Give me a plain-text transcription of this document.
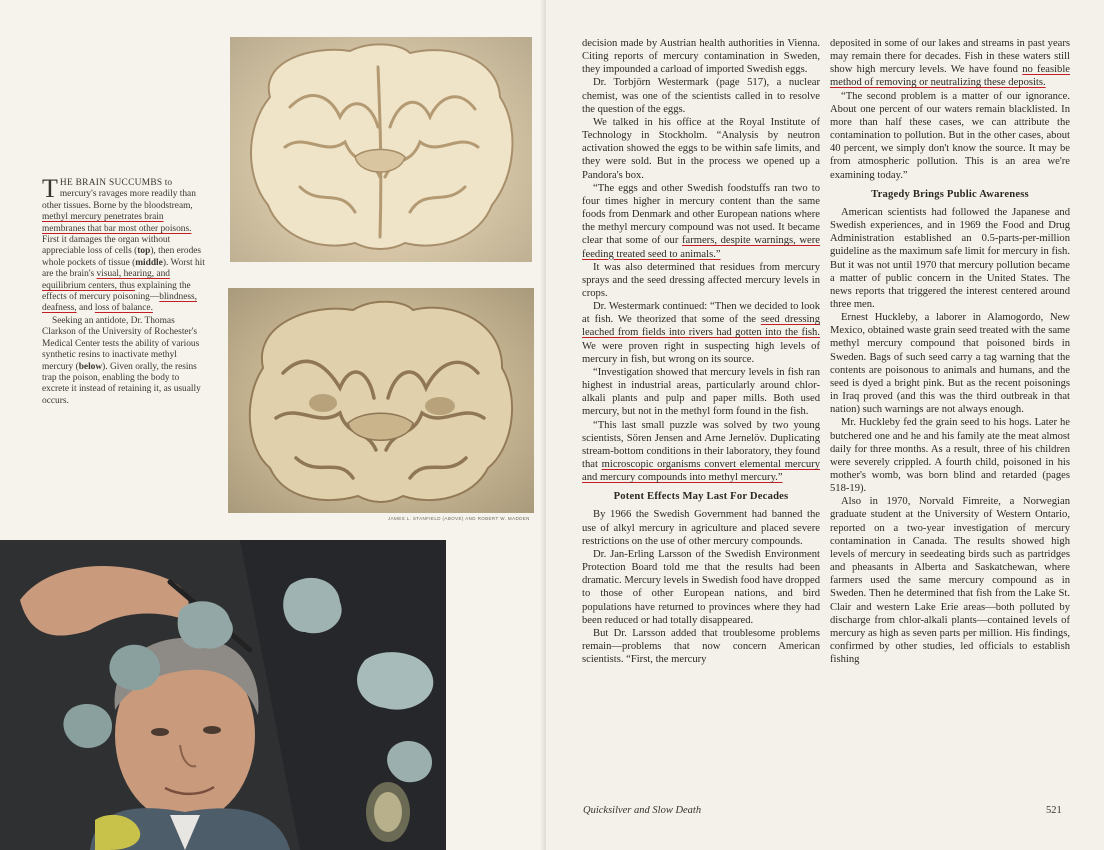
JAMES L. STANFIELD (ABOVE) AND ROBERT W. MADDEN

THE BRAIN SUCCUMBS to mercury's ravages more readily than other tissues. Borne by the bloodstream, methyl mercury penetrates brain membranes that bar most other poisons. First it damages the organ without appreciable loss of cells (top), then erodes whole pockets of tissue (middle). Worst hit are the brain's visual, hearing, and equilibrium centers, thus explaining the effects of mercury poisoning—blindness, deafness, and loss of balance.

Seeking an antidote, Dr. Thomas Clarkson of the University of Rochester's Medical Center tests the ability of various synthetic resins to inactivate methyl mercury (below). Given orally, the resins trap the poison, enabling the body to excrete it instead of retaining it, as usually occurs.

decision made by Austrian health authorities in Vienna. Citing reports of mercury contamination in Sweden, they impounded a carload of imported Swedish eggs.

Dr. Torbjörn Westermark (page 517), a nuclear chemist, was one of the scientists called in to resolve the question of the eggs.

We talked in his office at the Royal Institute of Technology in Stockholm. “Analysis by neutron activation showed the eggs to be within safe limits, and they were sold. But in the process we opened up a Pandora's box.

“The eggs and other Swedish foodstuffs ran two to four times higher in mercury content than the same foods from Denmark and other European nations where the methyl mercury compound was not used. It became clear that some of our farmers, despite warnings, were feeding treated seed to animals.”

It was also determined that residues from mercury sprays and the seed dressing affected mercury levels in crops.

Dr. Westermark continued: “Then we decided to look at fish. We theorized that some of the seed dressing leached from fields into rivers had gotten into the fish. We were proven right in suspecting high levels of mercury in fish, but wrong on its source.

“Investigation showed that mercury levels in fish ran highest in industrial areas, particularly around chlor-alkali plants and pulp and paper mills. Both used mercury, but not in the methyl form found in the fish.

“This last small puzzle was solved by two young scientists, Sören Jensen and Arne Jernelöv. Duplicating stream-bottom conditions in their laboratory, they found that microscopic organisms convert elemental mercury and mercury compounds into methyl mercury.”

Potent Effects May Last For Decades

By 1966 the Swedish Government had banned the use of alkyl mercury in agriculture and placed severe restrictions on the use of other mercury compounds.

Dr. Jan-Erling Larsson of the Swedish Environment Protection Board told me that the results had been dramatic. Mercury levels in Swedish food have dropped to those of other European nations, and bird populations have returned to provinces where they had been reduced or had totally disappeared.

But Dr. Larsson added that troublesome problems remain—problems that now concern American scientists. “First, the mercury

deposited in some of our lakes and streams in past years may remain there for decades. Fish in these waters still show high mercury levels. We have found no feasible method of removing or neutralizing these deposits.

“The second problem is a matter of our ignorance. About one percent of our waters remain blacklisted. In more than half these cases, we can attribute the contamination to pollution. But in the other cases, about 40 percent, we simply don't know the source. It may be from atmospheric pollution. This is an area we're examining today.”

Tragedy Brings Public Awareness

American scientists had followed the Japanese and Swedish experiences, and in 1969 the Food and Drug Administration established an 0.5-parts-per-million guideline as the maximum safe limit for mercury in fish. But it was not until 1970 that mercury pollution became a matter of public concern in the United States. The news reports that triggered the interest centered around three men.

Ernest Huckleby, a laborer in Alamogordo, New Mexico, obtained waste grain seed treated with the same methyl mercury compound that poisoned birds in Sweden. Bags of such seed carry a tag warning that the contents are poisonous to animals and humans, and the seed is dyed a bright pink. But as the recent poisonings in Iraq proved (and this was the third outbreak in that nation) such warnings are not always enough.

Mr. Huckleby fed the grain seed to his hogs. Later he butchered one and he and his family ate the meat almost daily for three months. As a result, three of his children were severely crippled. A fourth child, poisoned in his mother's womb, was born blind and retarded (pages 518-19).

Also in 1970, Norvald Fimreite, a Norwegian graduate student at the University of Western Ontario, reported on a two-year investigation of mercury contamination in Canada. The results showed high levels of mercury in seedeating birds such as partridges and pheasants in Alberta and Saskatchewan, where farmers used the same mercury compound as in Sweden. Then he determined that fish from the Lake St. Clair and western Lake Erie areas—both polluted by discharge from chlor-alkali plants—contained levels of mercury as high as seven parts per million. His findings, confirmed by other studies, led officials to establish fishing

Quicksilver and Slow Death	521
